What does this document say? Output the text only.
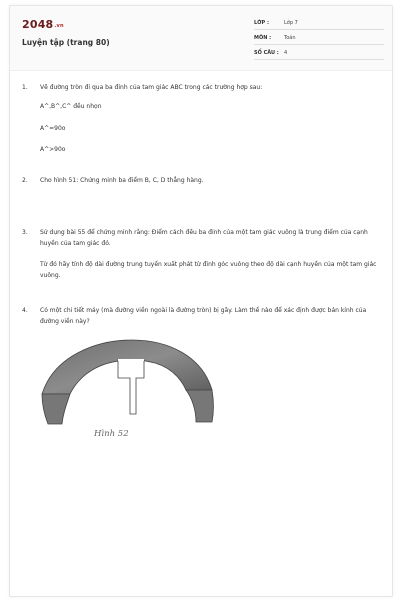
2048.vn
Luyện tập (trang 80)
LỚP :	Lớp 7
MÔN :	Toán
SỐ CÂU : 4
1. Vẽ đường tròn đi qua ba đỉnh của tam giác ABC trong các trường hợp sau:
A^,B^,C^ đều nhọn
A^=90o
A^>90o
2. Cho hình 51: Chứng minh ba điểm B, C, D thẳng hàng.
3. Sử dụng bài 55 để chứng minh rằng: Điểm cách đều ba đỉnh của một tam giác vuông là trung điểm của cạnh huyền của tam giác đó.
Từ đó hãy tính độ dài đường trung tuyến xuất phát từ đỉnh góc vuông theo độ dài cạnh huyền của một tam giác vuông.
4. Có một chi tiết máy (mà đường viền ngoài là đường tròn) bị gãy. Làm thế nào để xác định được bán kính của đường viền này?
Hình 52
